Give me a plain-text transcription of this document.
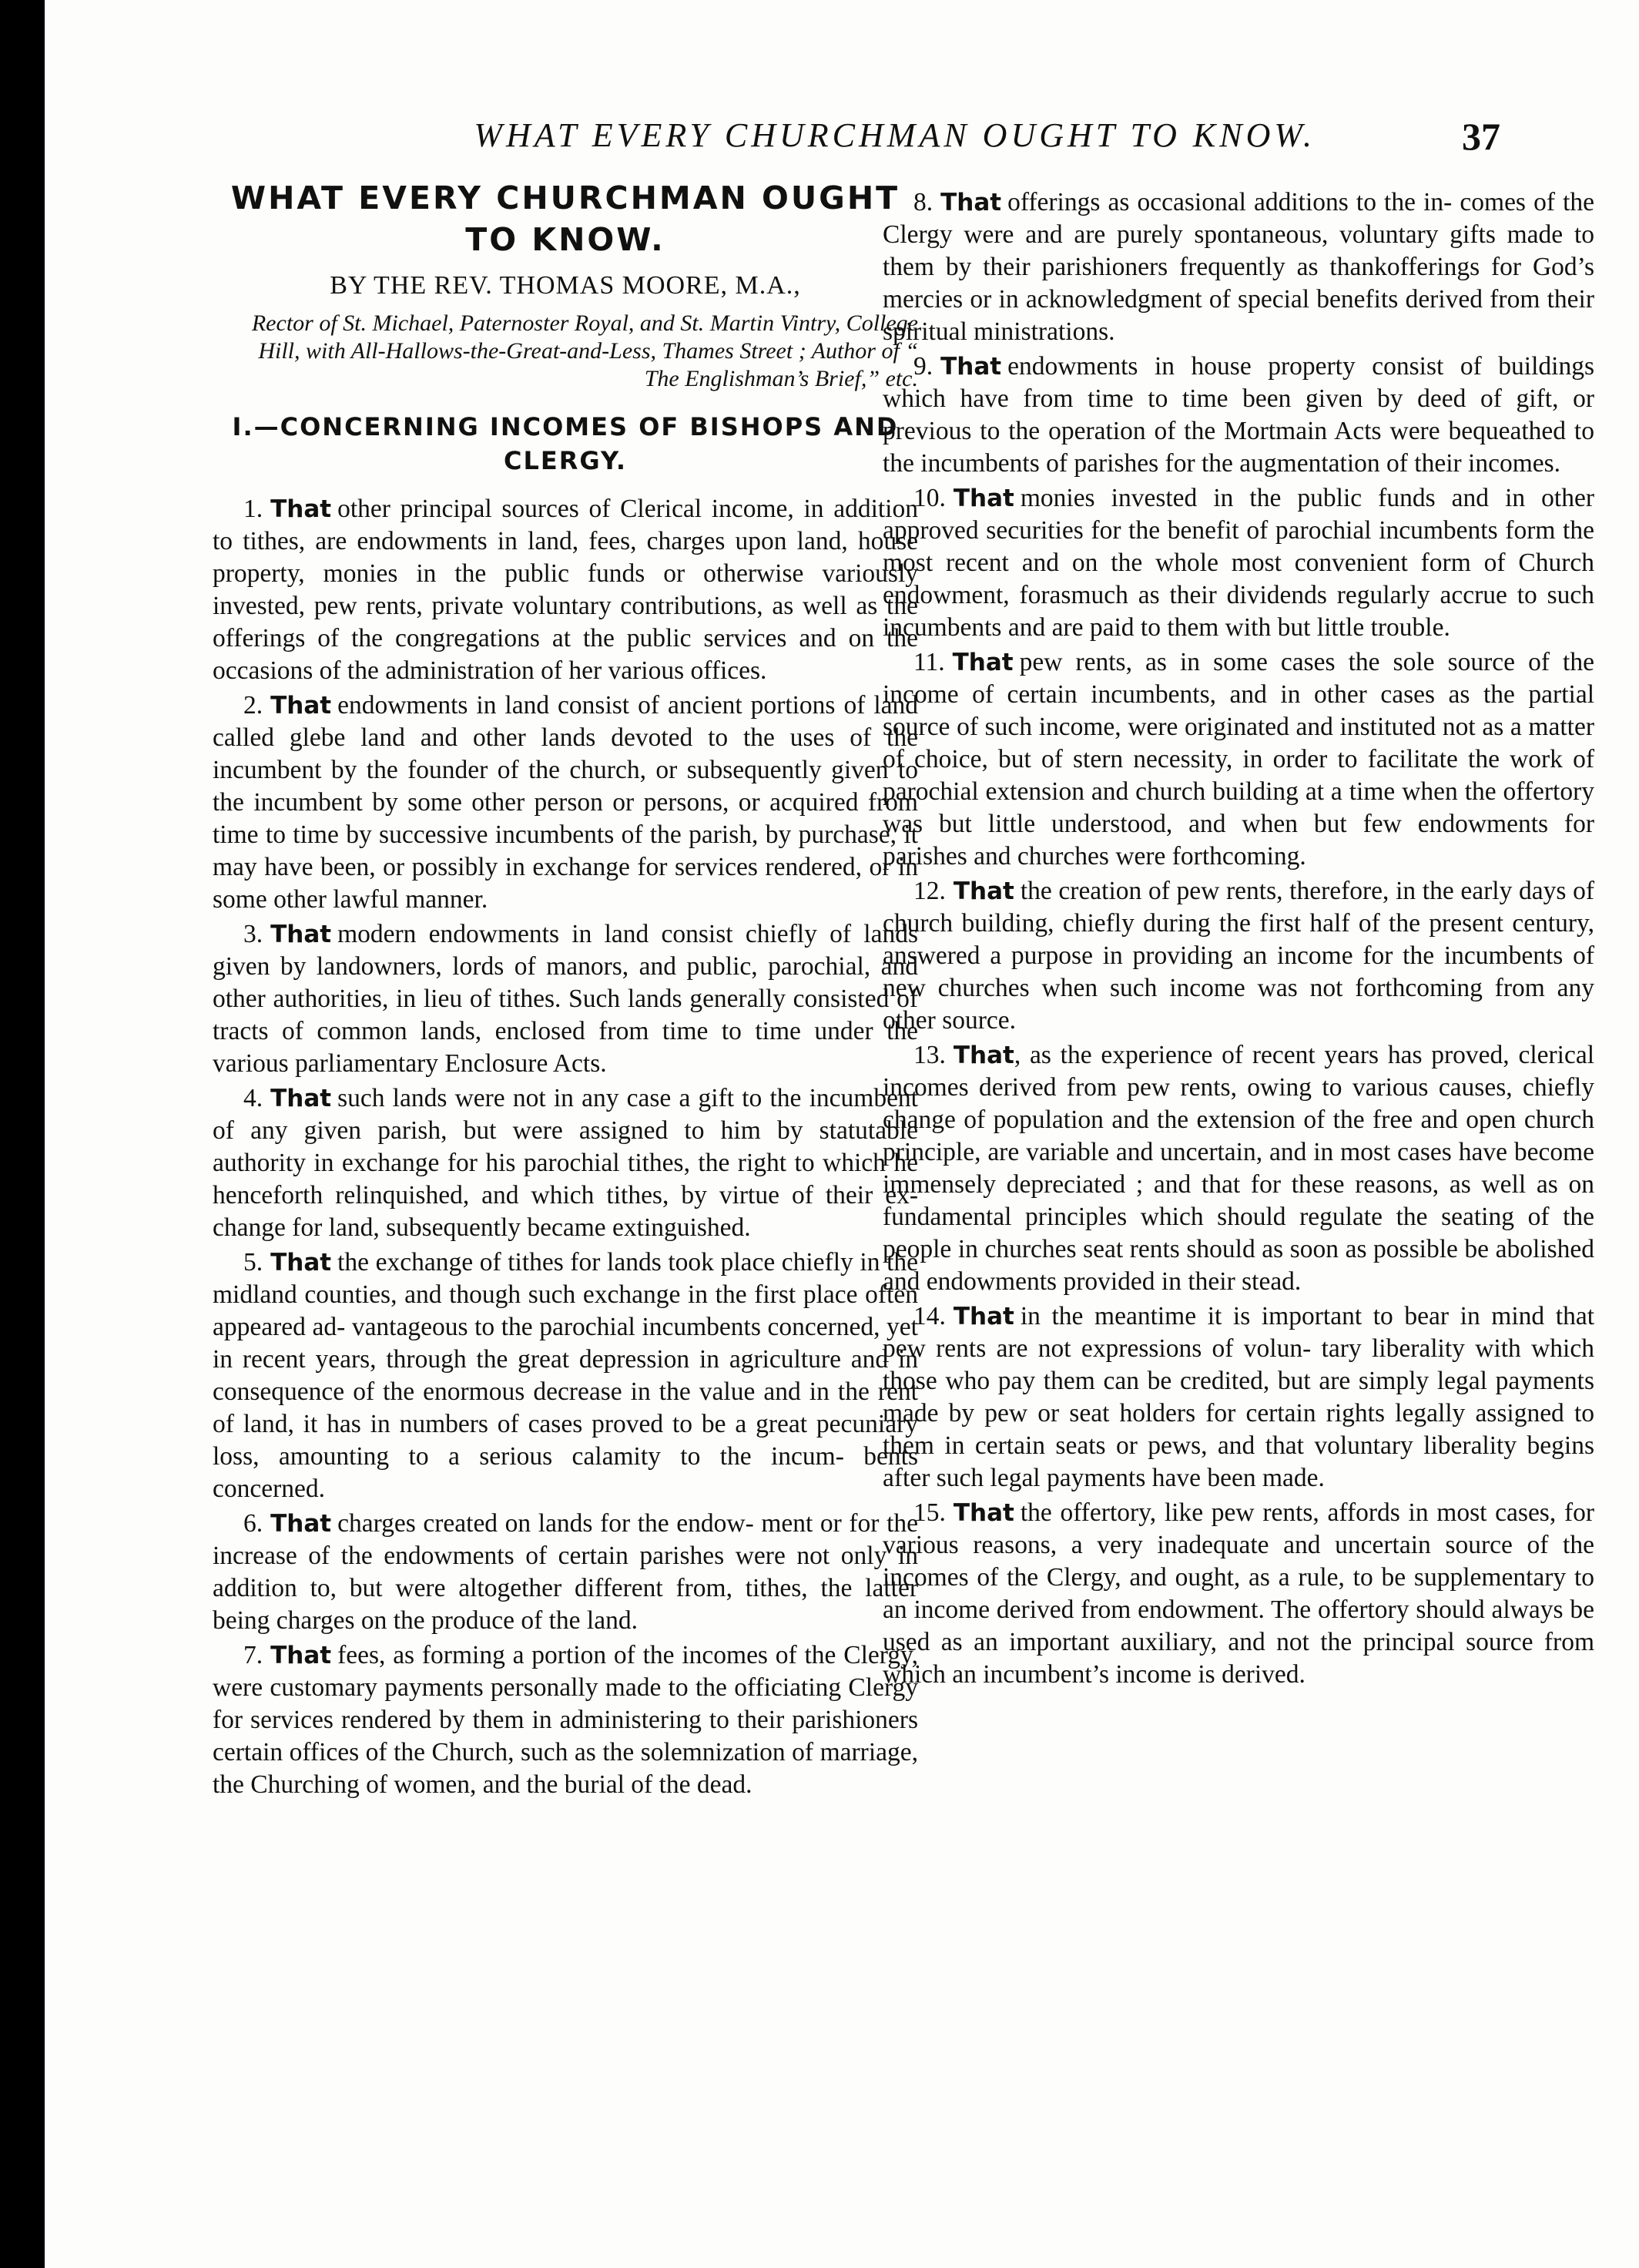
WHAT EVERY CHURCHMAN OUGHT TO KNOW.	37
WHAT EVERY CHURCHMAN OUGHT TO KNOW.
BY THE REV. THOMAS MOORE, M.A.,
Rector of St. Michael, Paternoster Royal, and St. Martin Vintry, College Hill, with All-Hallows-the-Great-and-Less, Thames Street ; Author of “ The Englishman’s Brief,” etc.
I.—CONCERNING INCOMES OF BISHOPS AND CLERGY.

1. That other principal sources of Clerical income, in addition to tithes, are endowments in land, fees, charges upon land, house property, monies in the public funds or otherwise variously invested, pew rents, private voluntary contributions, as well as the offerings of the congregations at the public services and on the occasions of the administration of her various offices.

2. That endowments in land consist of ancient portions of land called glebe land and other lands devoted to the uses of the incumbent by the founder of the church, or subsequently given to the incumbent by some other person or persons, or acquired from time to time by successive incumbents of the parish, by purchase, it may have been, or possibly in exchange for services rendered, or in some other lawful manner.

3. That modern endowments in land consist chiefly of lands given by landowners, lords of manors, and public, parochial, and other authorities, in lieu of tithes. Such lands generally consisted of tracts of common lands, enclosed from time to time under the various parliamentary Enclosure Acts.

4. That such lands were not in any case a gift to the incumbent of any given parish, but were assigned to him by statutable authority in exchange for his parochial tithes, the right to which he henceforth relinquished, and which tithes, by virtue of their ex- change for land, subsequently became extinguished.

5. That the exchange of tithes for lands took place chiefly in the midland counties, and though such exchange in the first place often appeared ad- vantageous to the parochial incumbents concerned, yet in recent years, through the great depression in agriculture and in consequence of the enormous decrease in the value and in the rent of land, it has in numbers of cases proved to be a great pecuniary loss, amounting to a serious calamity to the incum- bents concerned.

6. That charges created on lands for the endow- ment or for the increase of the endowments of certain parishes were not only in addition to, but were altogether different from, tithes, the latter being charges on the produce of the land.

7. That fees, as forming a portion of the incomes of the Clergy, were customary payments personally made to the officiating Clergy for services rendered by them in administering to their parishioners certain offices of the Church, such as the solemnization of marriage, the Churching of women, and the burial of the dead.

8. That offerings as occasional additions to the in- comes of the Clergy were and are purely spontaneous, voluntary gifts made to them by their parishioners frequently as thankofferings for God’s mercies or in acknowledgment of special benefits derived from their spiritual ministrations.

9. That endowments in house property consist of buildings which have from time to time been given by deed of gift, or previous to the operation of the Mortmain Acts were bequeathed to the incumbents of parishes for the augmentation of their incomes.

10. That monies invested in the public funds and in other approved securities for the benefit of parochial incumbents form the most recent and on the whole most convenient form of Church endowment, forasmuch as their dividends regularly accrue to such incumbents and are paid to them with but little trouble.

11. That pew rents, as in some cases the sole source of the income of certain incumbents, and in other cases as the partial source of such income, were originated and instituted not as a matter of choice, but of stern necessity, in order to facilitate the work of parochial extension and church building at a time when the offertory was but little understood, and when but few endowments for parishes and churches were forthcoming.

12. That the creation of pew rents, therefore, in the early days of church building, chiefly during the first half of the present century, answered a purpose in providing an income for the incumbents of new churches when such income was not forthcoming from any other source.

13. That, as the experience of recent years has proved, clerical incomes derived from pew rents, owing to various causes, chiefly change of population and the extension of the free and open church principle, are variable and uncertain, and in most cases have become immensely depreciated ; and that for these reasons, as well as on fundamental principles which should regulate the seating of the people in churches seat rents should as soon as possible be abolished and endowments provided in their stead.

14. That in the meantime it is important to bear in mind that pew rents are not expressions of volun- tary liberality with which those who pay them can be credited, but are simply legal payments made by pew or seat holders for certain rights legally assigned to them in certain seats or pews, and that voluntary liberality begins after such legal payments have been made.

15. That the offertory, like pew rents, affords in most cases, for various reasons, a very inadequate and uncertain source of the incomes of the Clergy, and ought, as a rule, to be supplementary to an income derived from endowment. The offertory should always be used as an important auxiliary, and not the principal source from which an incumbent’s income is derived.
